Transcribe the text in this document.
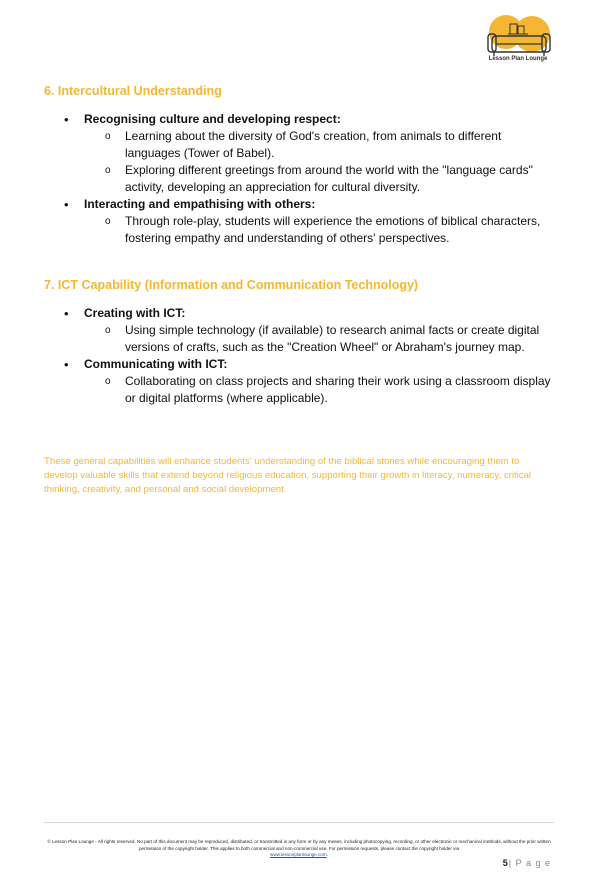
Lesson Plan Lounge
6. Intercultural Understanding
• Recognising culture and developing respect:
o Learning about the diversity of God's creation, from animals to different languages (Tower of Babel).
o Exploring different greetings from around the world with the "language cards" activity, developing an appreciation for cultural diversity.
• Interacting and empathising with others:
o Through role-play, students will experience the emotions of biblical characters, fostering empathy and understanding of others' perspectives.
7. ICT Capability (Information and Communication Technology)
• Creating with ICT:
o Using simple technology (if available) to research animal facts or create digital versions of crafts, such as the "Creation Wheel" or Abraham's journey map.
• Communicating with ICT:
o Collaborating on class projects and sharing their work using a classroom display or digital platforms (where applicable).

These general capabilities will enhance students' understanding of the biblical stories while encouraging them to develop valuable skills that extend beyond religious education, supporting their growth in literacy, numeracy, critical thinking, creativity, and personal and social development.

© Lesson Plan Lounge - All rights reserved. No part of this document may be reproduced, distributed, or transmitted in any form or by any means, including photocopying, recording, or other electronic or mechanical methods, without the prior written permission of the copyright holder. This applies to both commercial and non-commercial use. For permission requests, please contact the copyright holder via
www.lessonplanlounge.com.

5| P a g e
